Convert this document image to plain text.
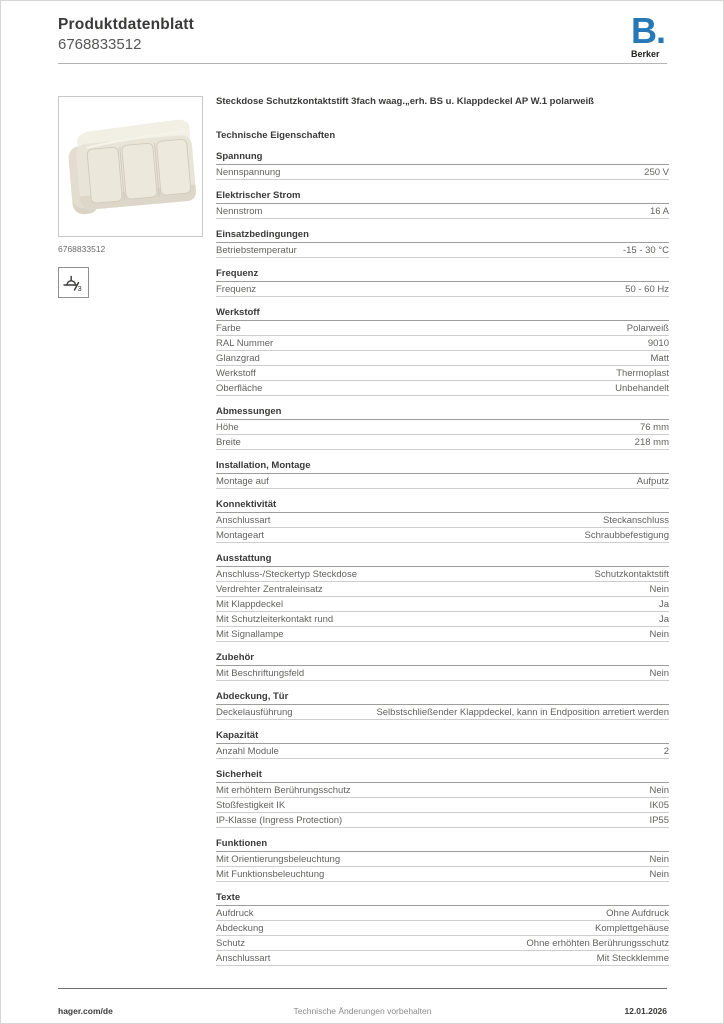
Produktdatenblatt
6768833512	B.
Berker
6768833512
3
Steckdose Schutzkontaktstift 3fach waag.„erh. BS u. Klappdeckel AP W.1 polarweiß
Technische Eigenschaften
Spannung
Nennspannung	250 V
Elektrischer Strom
Nennstrom	16 A
Einsatzbedingungen
Betriebstemperatur	-15 - 30 °C
Frequenz
Frequenz	50 - 60 Hz
Werkstoff
Farbe	Polarweiß
RAL Nummer	9010
Glanzgrad	Matt
Werkstoff	Thermoplast
Oberfläche	Unbehandelt
Abmessungen
Höhe	76 mm
Breite	218 mm
Installation, Montage
Montage auf	Aufputz
Konnektivität
Anschlussart	Steckanschluss
Montageart	Schraubbefestigung
Ausstattung
Anschluss-/Steckertyp Steckdose	Schutzkontaktstift
Verdrehter Zentraleinsatz	Nein
Mit Klappdeckel	Ja
Mit Schutzleiterkontakt rund	Ja
Mit Signallampe	Nein
Zubehör
Mit Beschriftungsfeld	Nein
Abdeckung, Tür
Deckelausführung	Selbstschließender Klappdeckel, kann in Endposition arretiert werden
Kapazität
Anzahl Module	2
Sicherheit
Mit erhöhtem Berührungsschutz	Nein
Stoßfestigkeit IK	IK05
IP-Klasse (Ingress Protection)	IP55
Funktionen
Mit Orientierungsbeleuchtung	Nein
Mit Funktionsbeleuchtung	Nein
Texte
Aufdruck	Ohne Aufdruck
Abdeckung	Komplettgehäuse
Schutz	Ohne erhöhten Berührungsschutz
Anschlussart	Mit Steckklemme
hager.com/de	Technische Änderungen vorbehalten	12.01.2026
